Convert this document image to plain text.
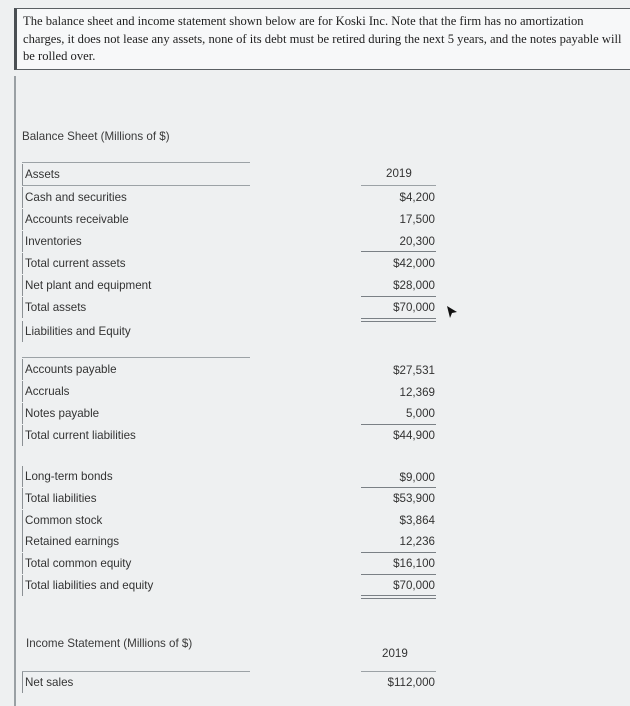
The balance sheet and income statement shown below are for Koski Inc. Note that the firm has no amortization charges, it does not lease any assets, none of its debt must be retired during the next 5 years, and the notes payable will be rolled over.
Balance Sheet (Millions of $)
Assets	2019
Cash and securities	$4,200
Accounts receivable	17,500
Inventories	20,300
Total current assets	$42,000
Net plant and equipment	$28,000
Total assets	$70,000
Liabilities and Equity
Accounts payable	$27,531
Accruals	12,369
Notes payable	5,000
Total current liabilities	$44,900
Long-term bonds	$9,000
Total liabilities	$53,900
Common stock	$3,864
Retained earnings	12,236
Total common equity	$16,100
Total liabilities and equity	$70,000
Income Statement (Millions of $)
2019
Net sales	$112,000
